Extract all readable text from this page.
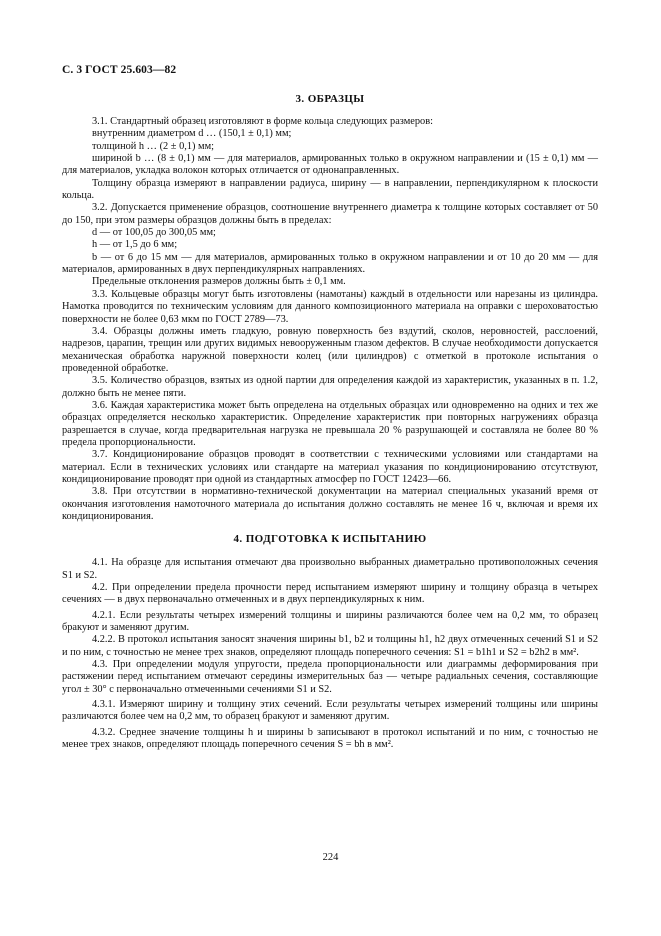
С. 3 ГОСТ 25.603—82
3. ОБРАЗЦЫ

3.1. Стандартный образец изготовляют в форме кольца следующих размеров:

внутренним диаметром d … (150,1 ± 0,1) мм;

толщиной h … (2 ± 0,1) мм;

шириной b … (8 ± 0,1) мм — для материалов, армированных только в окружном направлении и (15 ± 0,1) мм — для материалов, укладка волокон которых отличается от однонаправленных.

Толщину образца измеряют в направлении радиуса, ширину — в направлении, перпендикулярном к плоскости кольца.

3.2. Допускается применение образцов, соотношение внутреннего диаметра к толщине которых составляет от 50 до 150, при этом размеры образцов должны быть в пределах:

d — от 100,05 до 300,05 мм;

h — от 1,5 до 6 мм;

b — от 6 до 15 мм — для материалов, армированных только в окружном направлении и от 10 до 20 мм — для материалов, армированных в двух перпендикулярных направлениях.

Предельные отклонения размеров должны быть ± 0,1 мм.

3.3. Кольцевые образцы могут быть изготовлены (намотаны) каждый в отдельности или нарезаны из цилиндра. Намотка проводится по техническим условиям для данного композиционного материала на оправки с шероховатостью поверхности не более 0,63 мкм по ГОСТ 2789—73.

3.4. Образцы должны иметь гладкую, ровную поверхность без вздутий, сколов, неровностей, расслоений, надрезов, царапин, трещин или других видимых невооруженным глазом дефектов. В случае необходимости допускается механическая обработка наружной поверхности колец (или цилиндров) с отметкой в протоколе испытания о проведенной обработке.

3.5. Количество образцов, взятых из одной партии для определения каждой из характеристик, указанных в п. 1.2, должно быть не менее пяти.

3.6. Каждая характеристика может быть определена на отдельных образцах или одновременно на одних и тех же образцах определяется несколько характеристик. Определение характеристик при повторных нагружениях образца разрешается в случае, когда предварительная нагрузка не превышала 20 % разрушающей и составляла не более 80 % предела пропорциональности.

3.7. Кондиционирование образцов проводят в соответствии с техническими условиями или стандартами на материал. Если в технических условиях или стандарте на материал указания по кондиционированию отсутствуют, кондиционирование проводят при одной из стандартных атмосфер по ГОСТ 12423—66.

3.8. При отсутствии в нормативно-технической документации на материал специальных указаний время от окончания изготовления намоточного материала до испытания должно составлять не менее 16 ч, включая и время их кондиционирования.

4. ПОДГОТОВКА К ИСПЫТАНИЮ

4.1. На образце для испытания отмечают два произвольно выбранных диаметрально противоположных сечения S1 и S2.

4.2. При определении предела прочности перед испытанием измеряют ширину и толщину образца в четырех сечениях — в двух первоначально отмеченных и в двух перпендикулярных к ним.

4.2.1. Если результаты четырех измерений толщины и ширины различаются более чем на 0,2 мм, то образец бракуют и заменяют другим.

4.2.2. В протокол испытания заносят значения ширины b1, b2 и толщины h1, h2 двух отмеченных сечений S1 и S2 и по ним, с точностью не менее трех знаков, определяют площадь поперечного сечения: S1 = b1h1 и S2 = b2h2 в мм².

4.3. При определении модуля упругости, предела пропорциональности или диаграммы деформирования при растяжении перед испытанием отмечают середины измерительных баз — четыре радиальных сечения, составляющие угол ± 30° с первоначально отмеченными сечениями S1 и S2.

4.3.1. Измеряют ширину и толщину этих сечений. Если результаты четырех измерений толщины или ширины различаются более чем на 0,2 мм, то образец бракуют и заменяют другим.

4.3.2. Среднее значение толщины h и ширины b записывают в протокол испытаний и по ним, с точностью не менее трех знаков, определяют площадь поперечного сечения S = bh в мм².

224
